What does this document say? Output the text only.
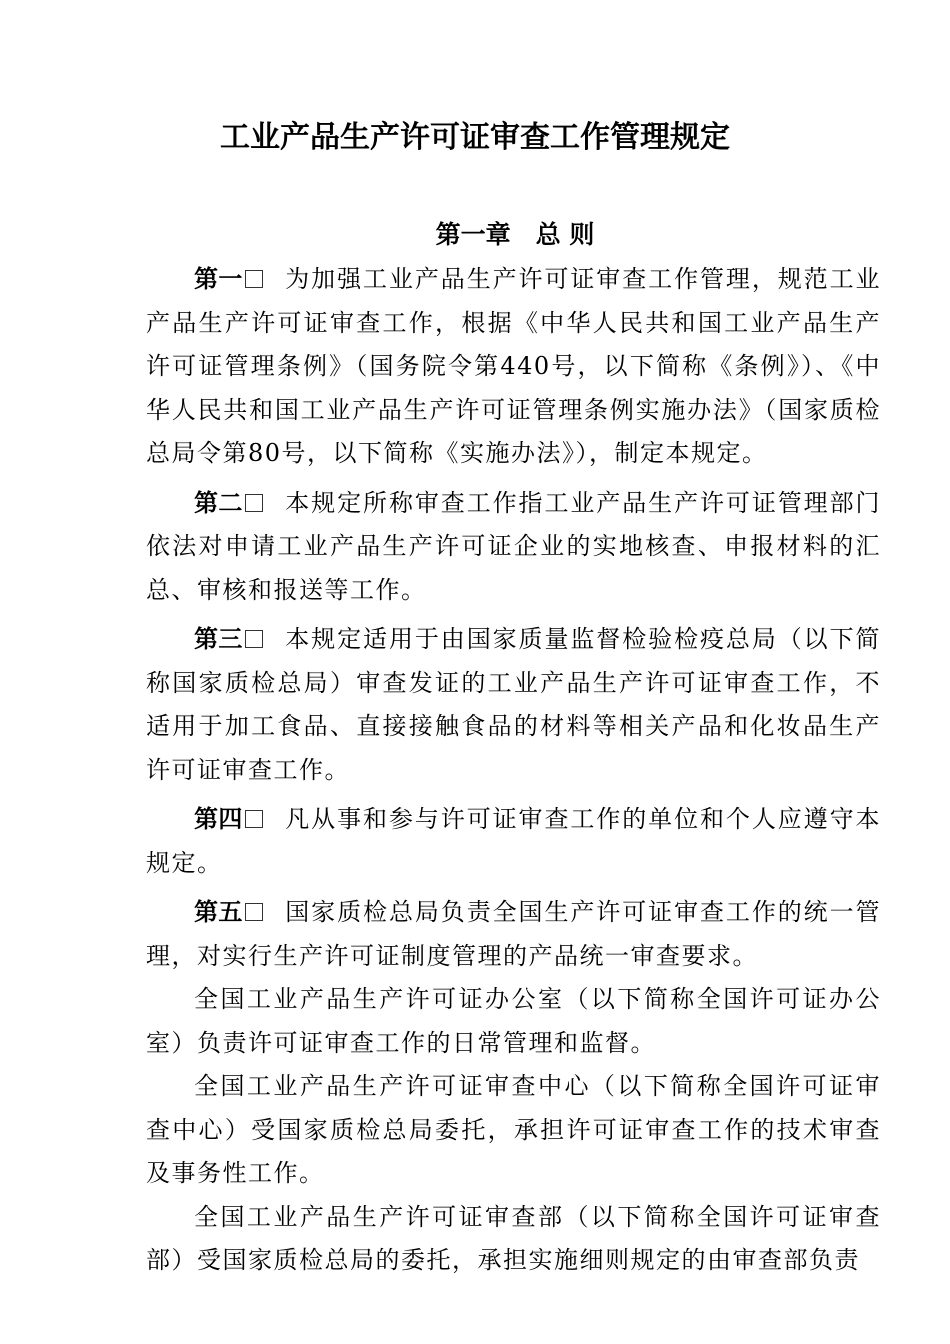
工业产品生产许可证审查工作管理规定
第一章　总 则

第一 为加强工业产品生产许可证审查工作管理，规范工业产品生产许可证审查工作，根据《中华人民共和国工业产品生产许可证管理条例》（国务院令第440号，以下简称《条例》）、《中华人民共和国工业产品生产许可证管理条例实施办法》（国家质检总局令第80号，以下简称《实施办法》），制定本规定。

第二 本规定所称审查工作指工业产品生产许可证管理部门依法对申请工业产品生产许可证企业的实地核查、申报材料的汇总、审核和报送等工作。

第三 本规定适用于由国家质量监督检验检疫总局（以下简称国家质检总局）审查发证的工业产品生产许可证审查工作，不适用于加工食品、直接接触食品的材料等相关产品和化妆品生产许可证审查工作。

第四 凡从事和参与许可证审查工作的单位和个人应遵守本规定。

第五 国家质检总局负责全国生产许可证审查工作的统一管理，对实行生产许可证制度管理的产品统一审查要求。

全国工业产品生产许可证办公室（以下简称全国许可证办公室）负责许可证审查工作的日常管理和监督。

全国工业产品生产许可证审查中心（以下简称全国许可证审查中心）受国家质检总局委托，承担许可证审查工作的技术审查及事务性工作。

全国工业产品生产许可证审查部（以下简称全国许可证审查部）受国家质检总局的委托，承担实施细则规定的由审查部负责
